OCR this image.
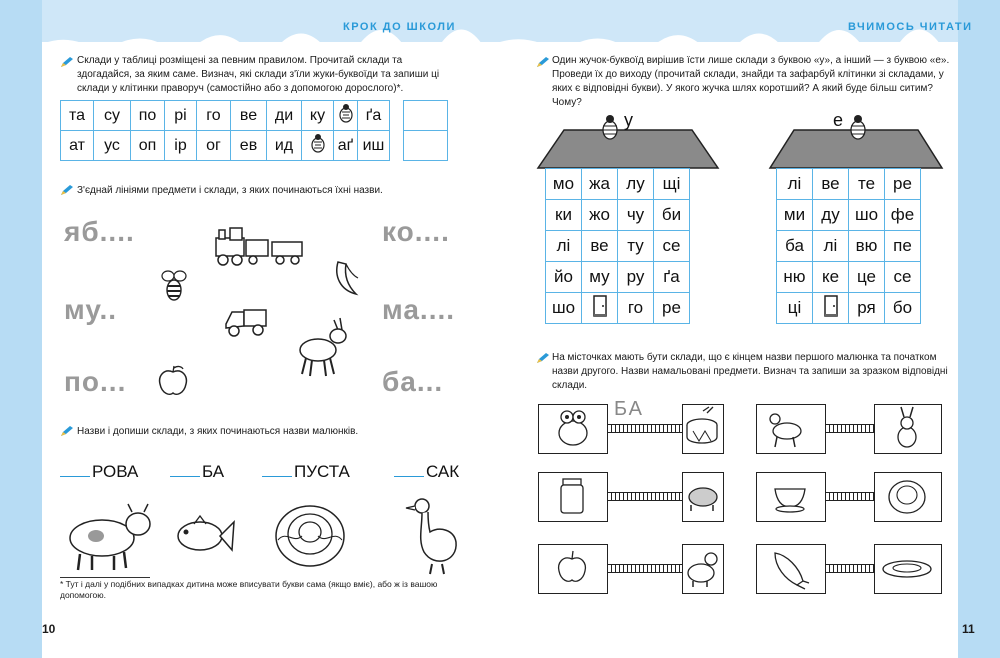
КРОК ДО ШКОЛИ
Склади у таблиці розміщені за певним правилом. Прочитай склади та здогадайся, за яким саме. Визнач, які склади з'їли жуки-буквоїди та запиши ці склади у клітинки праворуч (самостійно або з допомогою дорослого)*.
та	су	по	рі	го	ве	ди	ку		ґа		
ат	ус	оп	ір	ог	ев	ид		аґ	иш		
З'єднай лініями предмети і склади, з яких починаються їхні назви.
яб....
му..
по...
ко....
ма....
ба...
Назви і допиши склади, з яких починаються назви малюнків.
РОВА	БА	ПУСТА	САК
* Тут і далі у подібних випадках дитина може вписувати букви сама (якщо вміє), або ж із вашою допомогою.
10
ВЧИМОСЬ ЧИТАТИ
Один жучок-буквоїд вирішив їсти лише склади з буквою «у», а інший — з буквою «е». Проведи їх до виходу (прочитай склади, знайди та зафарбуй клітинки зі складами, у яких є відповідні букви). У якого жучка шлях коротший? А який буде більш ситим? Чому?
у
мо	жа	лу	щі
ки	жо	чу	би
лі	ве	ту	се
йо	му	ру	ґа
шо		го	ре
е
лі	ве	те	ре
ми	ду	шо	фе
ба	лі	вю	пе
ню	ке	це	се
ці		ря	бо
На місточках мають бути склади, що є кінцем назви першого малюнка та початком назви другого. Назви намальовані предмети. Визнач та запиши за зразком відповідні склади.
БА
11
